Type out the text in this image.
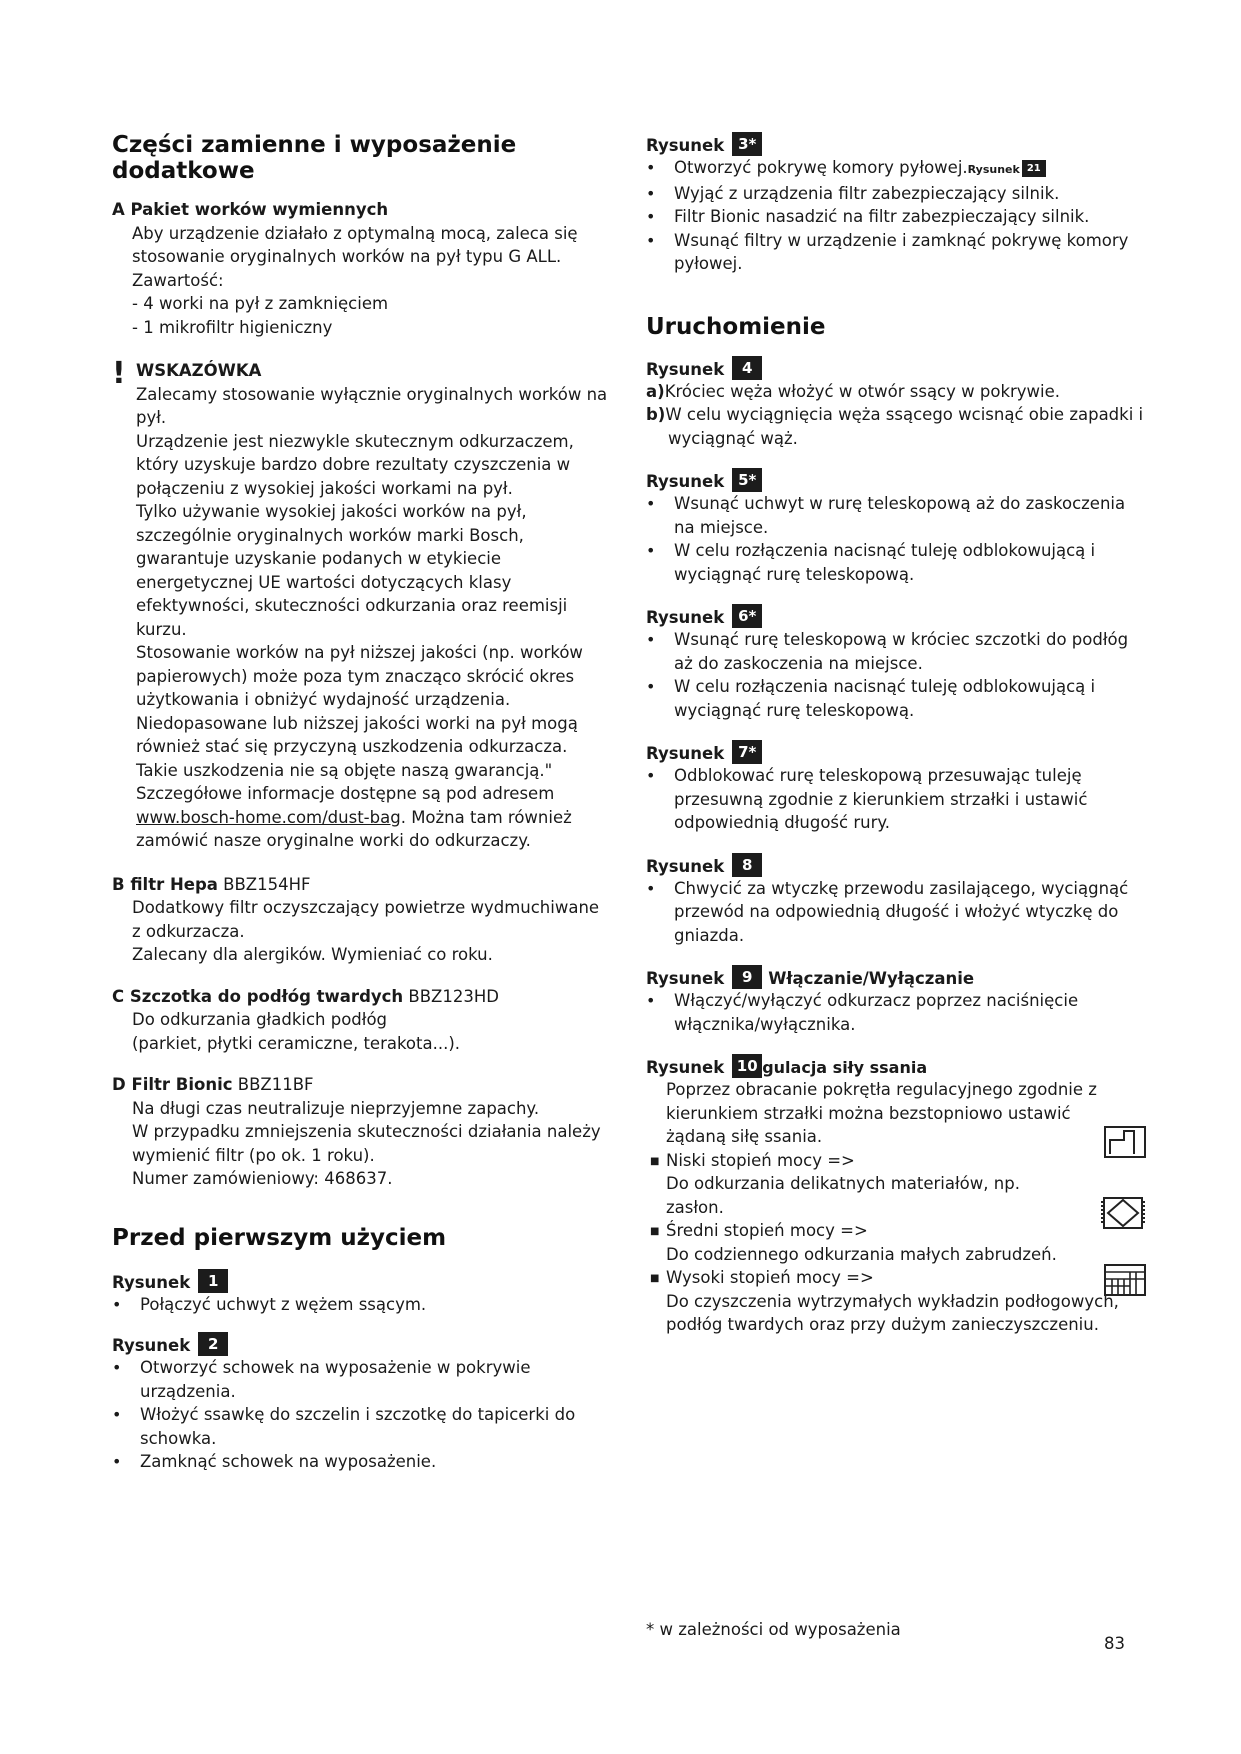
Części zamienne i wyposażenie dodatkowe
A Pakiet worków wymiennych
Aby urządzenie działało z optymalną mocą, zaleca się stosowanie oryginalnych worków na pył typu G ALL.
Zawartość:
- 4 worki na pył z zamknięciem
- 1 mikrofiltr higieniczny
! WSKAZÓWKA
Zalecamy stosowanie wyłącznie oryginalnych worków na pył.
Urządzenie jest niezwykle skutecznym odkurzaczem, który uzyskuje bardzo dobre rezultaty czyszczenia w połączeniu z wysokiej jakości workami na pył.
Tylko używanie wysokiej jakości worków na pył, szczególnie oryginalnych worków marki Bosch, gwarantuje uzyskanie podanych w etykiecie energetycznej UE wartości dotyczących klasy efektywności, skuteczności odkurzania oraz reemisji kurzu.
Stosowanie worków na pył niższej jakości (np. worków papierowych) może poza tym znacząco skrócić okres użytkowania i obniżyć wydajność urządzenia.
Niedopasowane lub niższej jakości worki na pył mogą również stać się przyczyną uszkodzenia odkurzacza. Takie uszkodzenia nie są objęte naszą gwarancją."
Szczegółowe informacje dostępne są pod adresem
www.bosch-home.com/dust-bag. Można tam również zamówić nasze oryginalne worki do odkurzaczy.
B filtr Hepa BBZ154HF
Dodatkowy filtr oczyszczający powietrze wydmuchiwane z odkurzacza.
Zalecany dla alergików. Wymieniać co roku.
C Szczotka do podłóg twardych BBZ123HD
Do odkurzania gładkich podłóg
(parkiet, płytki ceramiczne, terakota...).
D Filtr Bionic BBZ11BF
Na długi czas neutralizuje nieprzyjemne zapachy.
W przypadku zmniejszenia skuteczności działania należy wymienić filtr (po ok. 1 roku).
Numer zamówieniowy: 468637.
Przed pierwszym użyciem
Rysunek	1
• Połączyć uchwyt z wężem ssącym.
Rysunek	2
• Otworzyć schowek na wyposażenie w pokrywie urządzenia.
• Włożyć ssawkę do szczelin i szczotkę do tapicerki do schowka.
• Zamknąć schowek na wyposażenie.
Rysunek 3*
• Otworzyć pokrywę komory pyłowej.Rysunek 21
• Wyjąć z urządzenia filtr zabezpieczający silnik.
• Filtr Bionic nasadzić na filtr zabezpieczający silnik.
• Wsunąć filtry w urządzenie i zamknąć pokrywę komory pyłowej.
Uruchomienie
Rysunek	4
a)Króciec węża włożyć w otwór ssący w pokrywie.
b)W celu wyciągnięcia węża ssącego wcisnąć obie zapadki i wyciągnąć wąż.
Rysunek 5*
• Wsunąć uchwyt w rurę teleskopową aż do zaskoczenia na miejsce.
• W celu rozłączenia nacisnąć tuleję odblokowującą i wyciągnąć rurę teleskopową.
Rysunek 6*
• Wsunąć rurę teleskopową w króciec szczotki do podłóg aż do zaskoczenia na miejsce.
• W celu rozłączenia nacisnąć tuleję odblokowującą i wyciągnąć rurę teleskopową.
Rysunek 7*
• Odblokować rurę teleskopową przesuwając tuleję przesuwną zgodnie z kierunkiem strzałki i ustawić odpowiednią długość rury.
Rysunek	8
• Chwycić za wtyczkę przewodu zasilającego, wyciągnąć przewód na odpowiednią długość i włożyć wtyczkę do gniazda.
Rysunek	9 Włączanie/Wyłączanie
• Włączyć/wyłączyć odkurzacz poprzez naciśnięcie włącznika/wyłącznika.
Rysunek 10 gulacja siły ssania
Poprzez obracanie pokrętła regulacyjnego zgodnie z kierunkiem strzałki można bezstopniowo ustawić żądaną siłę ssania.
■ Niski stopień mocy =>
Do odkurzania delikatnych materiałów, np. zasłon.
■ Średni stopień mocy =>
Do codziennego odkurzania małych zabrudzeń.
■ Wysoki stopień mocy =>
Do czyszczenia wytrzymałych wykładzin podłogowych, podłóg twardych oraz przy dużym zanieczyszczeniu.
* w zależności od wyposażenia
83
